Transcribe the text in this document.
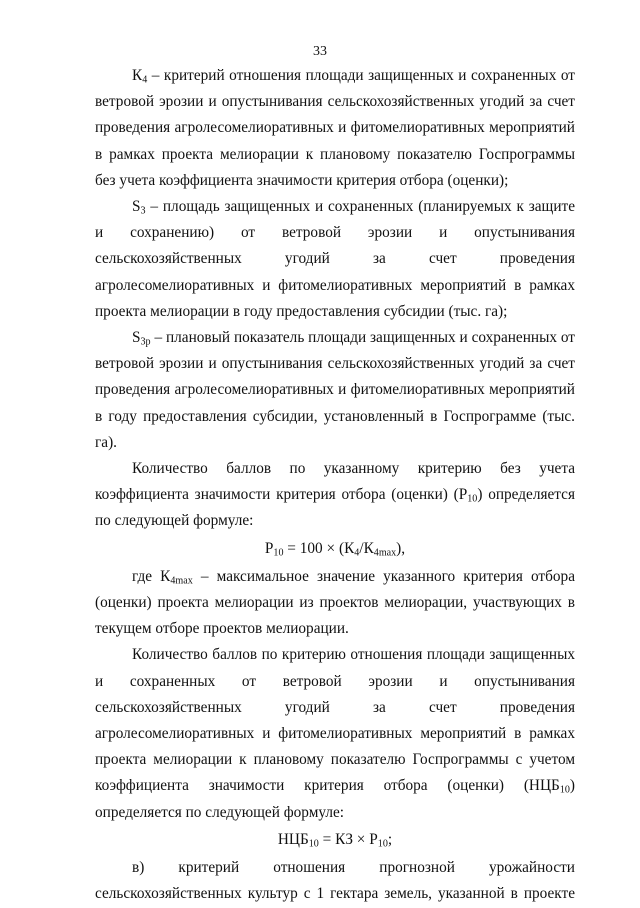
33

$К_4$ – критерий отношения площади защищенных и сохраненных от ветровой эрозии и опустынивания сельскохозяйственных угодий за счет проведения агролесомелиоративных и фитомелиоративных мероприятий в рамках проекта мелиорации к плановому показателю Госпрограммы без учета коэффициента значимости критерия отбора (оценки);

$S_3$ – площадь защищенных и сохраненных (планируемых к защите и сохранению) от ветровой эрозии и опустынивания сельскохозяйственных угодий за счет проведения агролесомелиоративных и фитомелиоративных мероприятий в рамках проекта мелиорации в году предоставления субсидии (тыс. га);

$S_{3р}$ – плановый показатель площади защищенных и сохраненных от ветровой эрозии и опустынивания сельскохозяйственных угодий за счет проведения агролесомелиоративных и фитомелиоративных мероприятий в году предоставления субсидии, установленный в Госпрограмме (тыс. га).

Количество баллов по указанному критерию без учета коэффициента значимости критерия отбора (оценки) $(Р_{10})$ определяется по следующей формуле:

$Р_{10} = 100 \times (К_4/К_{4max})$,

где $К_{4max}$ – максимальное значение указанного критерия отбора (оценки) проекта мелиорации из проектов мелиорации, участвующих в текущем отборе проектов мелиорации.

Количество баллов по критерию отношения площади защищенных и сохраненных от ветровой эрозии и опустынивания сельскохозяйственных угодий за счет проведения агролесомелиоративных и фитомелиоративных мероприятий в рамках проекта мелиорации к плановому показателю Госпрограммы с учетом коэффициента значимости критерия отбора (оценки) $(НЦБ_{10})$ определяется по следующей формуле:

$НЦБ_{10}$ = КЗ × $Р_{10}$;

в) критерий отношения прогнозной урожайности сельскохозяйственных культур с 1 гектара земель, указанной в проекте
